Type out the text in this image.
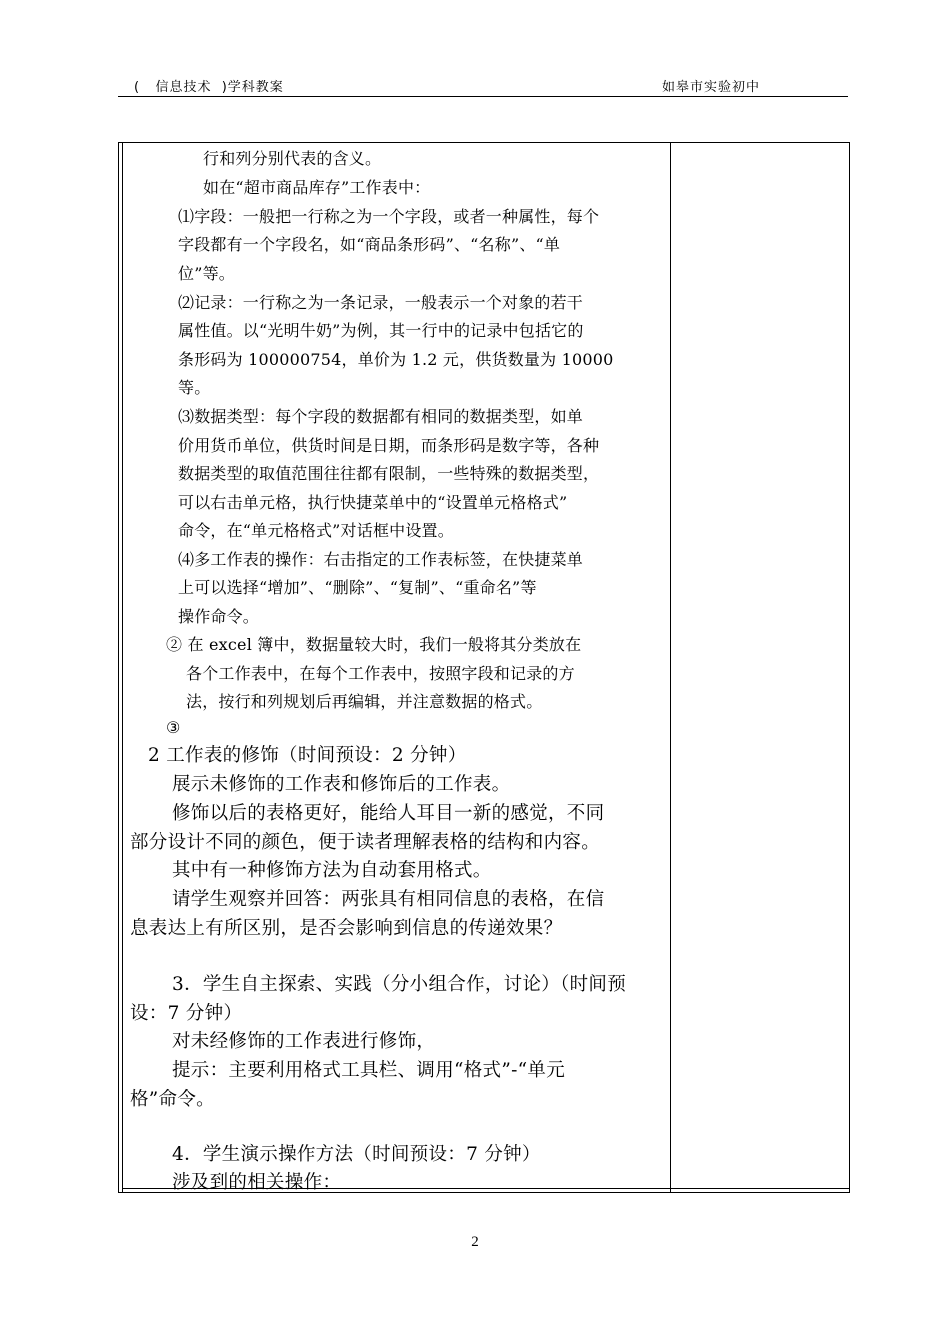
(   信息技术  )学科教案	如皋市实验初中
行和列分别代表的含义。
如在“超市商品库存”工作表中：
⑴字段：一般把一行称之为一个字段，或者一种属性，每个
字段都有一个字段名，如“商品条形码”、“名称”、“单
位”等。
⑵记录：一行称之为一条记录，一般表示一个对象的若干
属性值。以“光明牛奶”为例，其一行中的记录中包括它的
条形码为 100000754，单价为 1.2 元，供货数量为 10000
等。
⑶数据类型：每个字段的数据都有相同的数据类型，如单
价用货币单位，供货时间是日期，而条形码是数字等，各种
数据类型的取值范围往往都有限制，一些特殊的数据类型，
可以右击单元格，执行快捷菜单中的“设置单元格格式”
命令，在“单元格格式”对话框中设置。
⑷多工作表的操作：右击指定的工作表标签，在快捷菜单
上可以选择“增加”、“删除”、“复制”、“重命名”等
操作命令。
② 在 excel 簿中，数据量较大时，我们一般将其分类放在
各个工作表中，在每个工作表中，按照字段和记录的方
法，按行和列规划后再编辑，并注意数据的格式。
③
2 工作表的修饰（时间预设：2 分钟）
展示未修饰的工作表和修饰后的工作表。
修饰以后的表格更好，能给人耳目一新的感觉，不同
部分设计不同的颜色，便于读者理解表格的结构和内容。
其中有一种修饰方法为自动套用格式。
请学生观察并回答：两张具有相同信息的表格，在信
息表达上有所区别，是否会影响到信息的传递效果？
3．学生自主探索、实践（分小组合作，讨论）（时间预
设：7 分钟）
对未经修饰的工作表进行修饰，
提示：主要利用格式工具栏、调用“格式”-“单元
格”命令。
4．学生演示操作方法（时间预设：7 分钟）
涉及到的相关操作：
2
